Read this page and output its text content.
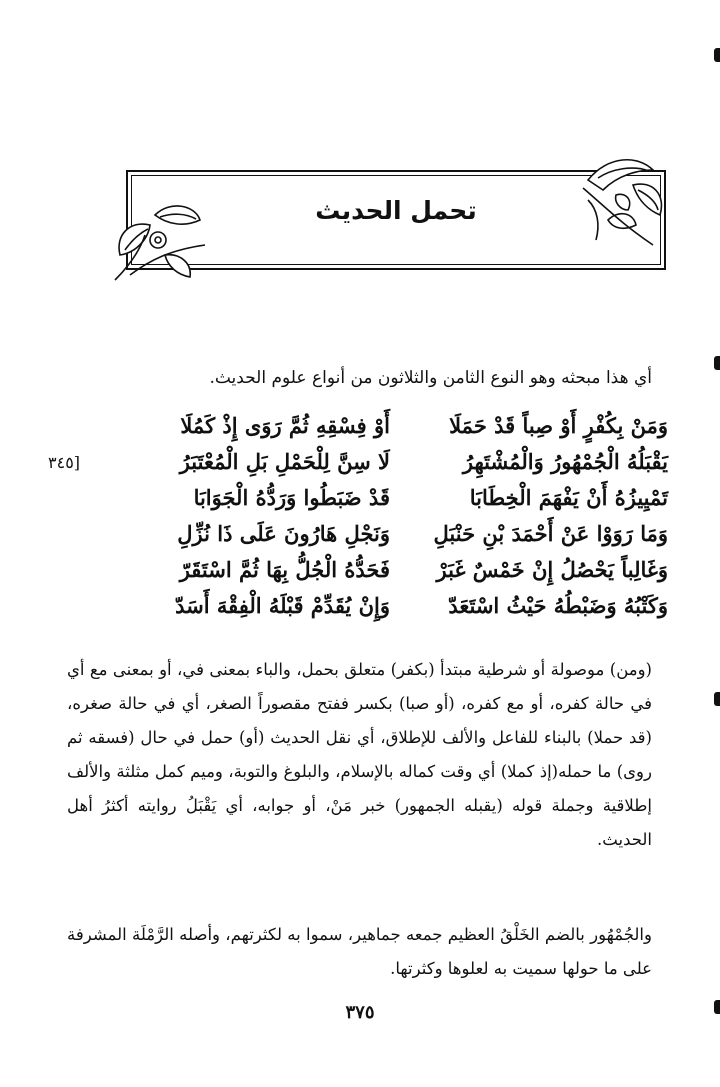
تحمل الحديث
أي هذا مبحثه وهو النوع الثامن والثلاثون من أنواع علوم الحديث.
وَمَنْ بِكُفْرٍ أَوْ صِباً قَدْ حَمَلَا
أَوْ فِسْقِهِ ثُمَّ رَوَى إِذْ كَمُلَا
يَقْبَلُهُ الْجُمْهُورُ وَالْمُشْتَهِرُ
لَا سِنَّ لِلْحَمْلِ بَلِ الْمُعْتَبَرُ
[٣٤٥
تَمْيِيزُهُ أَنْ يَفْهَمَ الْخِطَابَا
قَدْ ضَبَطُوا وَرَدُّهُ الْجَوَابَا
وَمَا رَوَوْا عَنْ أَحْمَدَ بْنِ حَنْبَلِ
وَنَجْلِ هَارُونَ عَلَى ذَا نُزِّلِ
وَغَالِباً يَحْصُلُ إِنْ خَمْسٌ غَبَرْ
فَحَدُّهُ الْجُلُّ بِهَا ثُمَّ اسْتَقَرّ
وَكَتْبُهُ وَضَبْطُهُ حَيْثُ اسْتَعَدّ
وَإِنْ يُقَدِّمْ قَبْلَهُ الْفِقْهَ أَسَدّ
(ومن) موصولة أو شرطية مبتدأ (بكفر) متعلق بحمل، والباء بمعنى في، أو بمعنى مع أي في حالة كفره، أو مع كفره، (أو صبا) بكسر ففتح مقصوراً الصغر، أي في حالة صغره، (قد حملا) بالبناء للفاعل والألف للإطلاق، أي نقل الحديث (أو) حمل في حال (فسقه ثم روى) ما حمله(إذ كملا) أي وقت كماله بالإسلام، والبلوغ والتوبة، وميم كمل مثلثة والألف إطلاقية وجملة قوله (يقبله الجمهور) خبر مَنْ، أو جوابه، أي يَقْبَلُ روايته أكثرُ أهل الحديث.
والجُمْهُور بالضم الخَلْقُ العظيم جمعه جماهير، سموا به لكثرتهم، وأصله الرَّمْلَة المشرفة على ما حولها سميت به لعلوها وكثرتها.
٣٧٥
